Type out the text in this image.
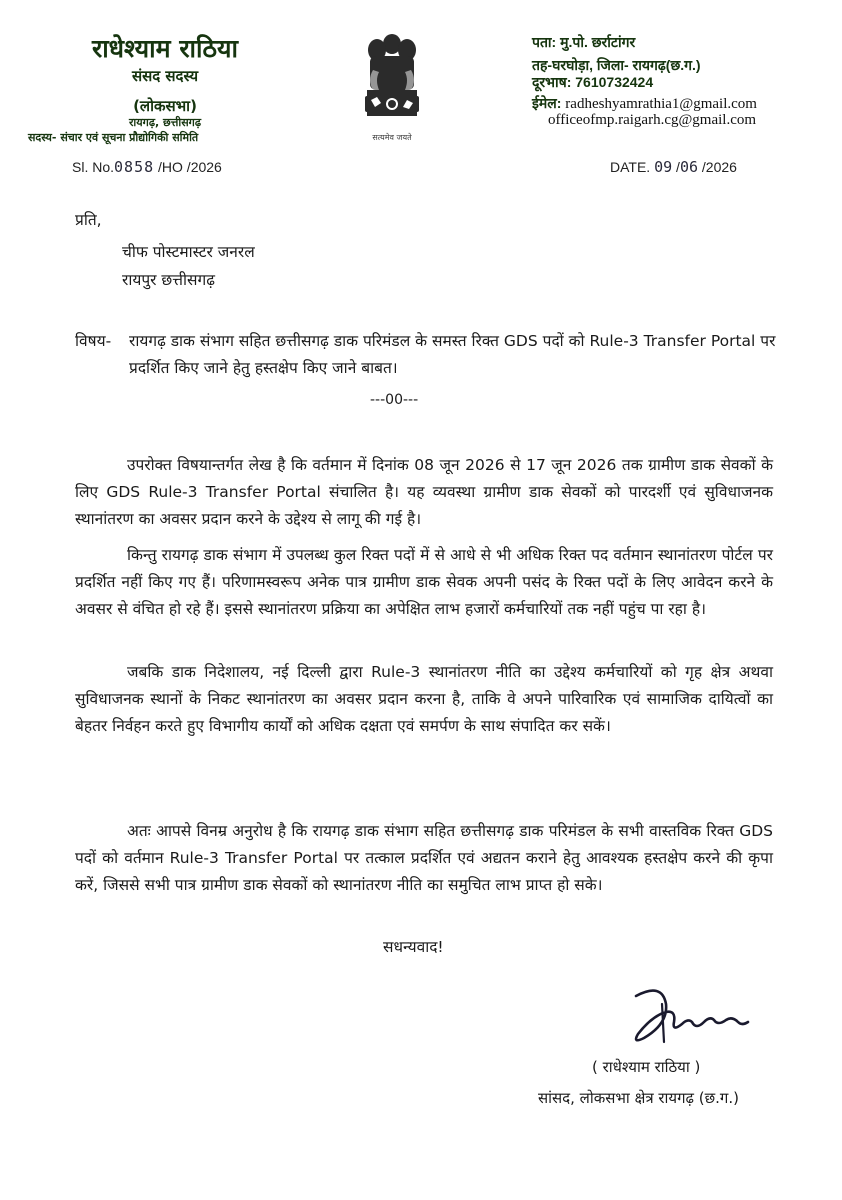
राधेश्याम राठिया
संसद सदस्य
(लोकसभा)
रायगढ़, छत्तीसगढ़
सदस्य- संचार एवं सूचना प्रौद्योगिकी समिति
Sl. No.0858 /HO /2026
सत्यमेव जयते
पता: मु.पो. छर्राटांगर
तह-घरघोड़ा, जिला- रायगढ़(छ.ग.)
दूरभाष: 7610732424
ईमेल: radheshyamrathia1@gmail.com
officeofmp.raigarh.cg@gmail.com
DATE. 09 /06 /2026
प्रति,
चीफ पोस्टमास्टर जनरल
रायपुर छत्तीसगढ़
विषय- रायगढ़ डाक संभाग सहित छत्तीसगढ़ डाक परिमंडल के समस्त रिक्त GDS पदों को Rule-3 Transfer Portal पर प्रदर्शित किए जाने हेतु हस्तक्षेप किए जाने बाबत।
---00---
उपरोक्त विषयान्तर्गत लेख है कि वर्तमान में दिनांक 08 जून 2026 से 17 जून 2026 तक ग्रामीण डाक सेवकों के लिए GDS Rule-3 Transfer Portal संचालित है। यह व्यवस्था ग्रामीण डाक सेवकों को पारदर्शी एवं सुविधाजनक स्थानांतरण का अवसर प्रदान करने के उद्देश्य से लागू की गई है।
किन्तु रायगढ़ डाक संभाग में उपलब्ध कुल रिक्त पदों में से आधे से भी अधिक रिक्त पद वर्तमान स्थानांतरण पोर्टल पर प्रदर्शित नहीं किए गए हैं। परिणामस्वरूप अनेक पात्र ग्रामीण डाक सेवक अपनी पसंद के रिक्त पदों के लिए आवेदन करने के अवसर से वंचित हो रहे हैं। इससे स्थानांतरण प्रक्रिया का अपेक्षित लाभ हजारों कर्मचारियों तक नहीं पहुंच पा रहा है।
जबकि डाक निदेशालय, नई दिल्ली द्वारा Rule-3 स्थानांतरण नीति का उद्देश्य कर्मचारियों को गृह क्षेत्र अथवा सुविधाजनक स्थानों के निकट स्थानांतरण का अवसर प्रदान करना है, ताकि वे अपने पारिवारिक एवं सामाजिक दायित्वों का बेहतर निर्वहन करते हुए विभागीय कार्यों को अधिक दक्षता एवं समर्पण के साथ संपादित कर सकें।
अतः आपसे विनम्र अनुरोध है कि रायगढ़ डाक संभाग सहित छत्तीसगढ़ डाक परिमंडल के सभी वास्तविक रिक्त GDS पदों को वर्तमान Rule-3 Transfer Portal पर तत्काल प्रदर्शित एवं अद्यतन कराने हेतु आवश्यक हस्तक्षेप करने की कृपा करें, जिससे सभी पात्र ग्रामीण डाक सेवकों को स्थानांतरण नीति का समुचित लाभ प्राप्त हो सके।
सधन्यवाद!
( राधेश्याम राठिया )
सांसद, लोकसभा क्षेत्र रायगढ़ (छ.ग.)
